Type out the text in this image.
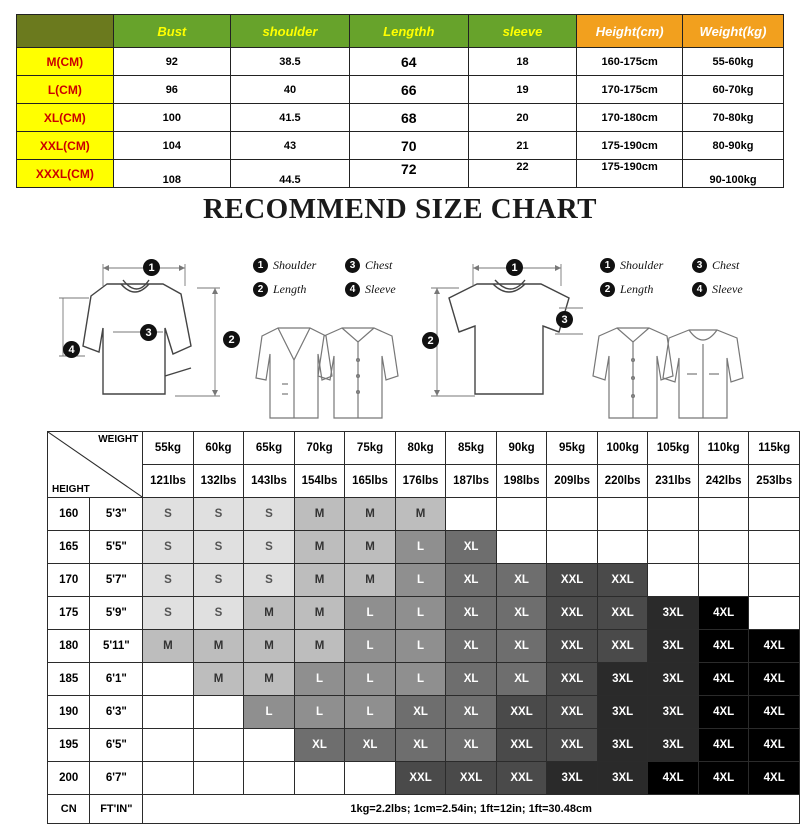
	Bust	shoulder	Lengthh	sleeve	Height(cm)	Weight(kg)
M(CM)	92	38.5	64	18	160-175cm	55-60kg
L(CM)	96	40	66	19	170-175cm	60-70kg
XL(CM)	100	41.5	68	20	170-180cm	70-80kg
XXL(CM)	104	43	70	21	175-190cm	80-90kg
XXXL(CM)	108	44.5	72	22	175-190cm	90-100kg
RECOMMEND SIZE CHART
1
3
2
4
1 Shoulder	3 Chest
2 Length	4 Sleeve
1
2
3
1 Shoulder	3 Chest
2 Length	4 Sleeve
WEIGHT
HEIGHT		55kg	60kg	65kg	70kg	75kg	80kg	85kg	90kg	95kg	100kg	105kg	110kg	115kg
		121lbs	132lbs	143lbs	154lbs	165lbs	176lbs	187lbs	198lbs	209lbs	220lbs	231lbs	242lbs	253lbs
160	5'3"	S	S	S	M	M	M							
165	5'5"	S	S	S	M	M	L	XL						
170	5'7"	S	S	S	M	M	L	XL	XL	XXL	XXL			
175	5'9"	S	S	M	M	L	L	XL	XL	XXL	XXL	3XL	4XL	
180	5'11"	M	M	M	M	L	L	XL	XL	XXL	XXL	3XL	4XL	4XL
185	6'1"		M	M	L	L	L	XL	XL	XXL	3XL	3XL	4XL	4XL
190	6'3"			L	L	L	XL	XL	XXL	XXL	3XL	3XL	4XL	4XL
195	6'5"				XL	XL	XL	XL	XXL	XXL	3XL	3XL	4XL	4XL
200	6'7"						XXL	XXL	XXL	3XL	3XL	4XL	4XL	4XL
CN	FT'IN"	1kg=2.2lbs; 1cm=2.54in; 1ft=12in; 1ft=30.48cm												
